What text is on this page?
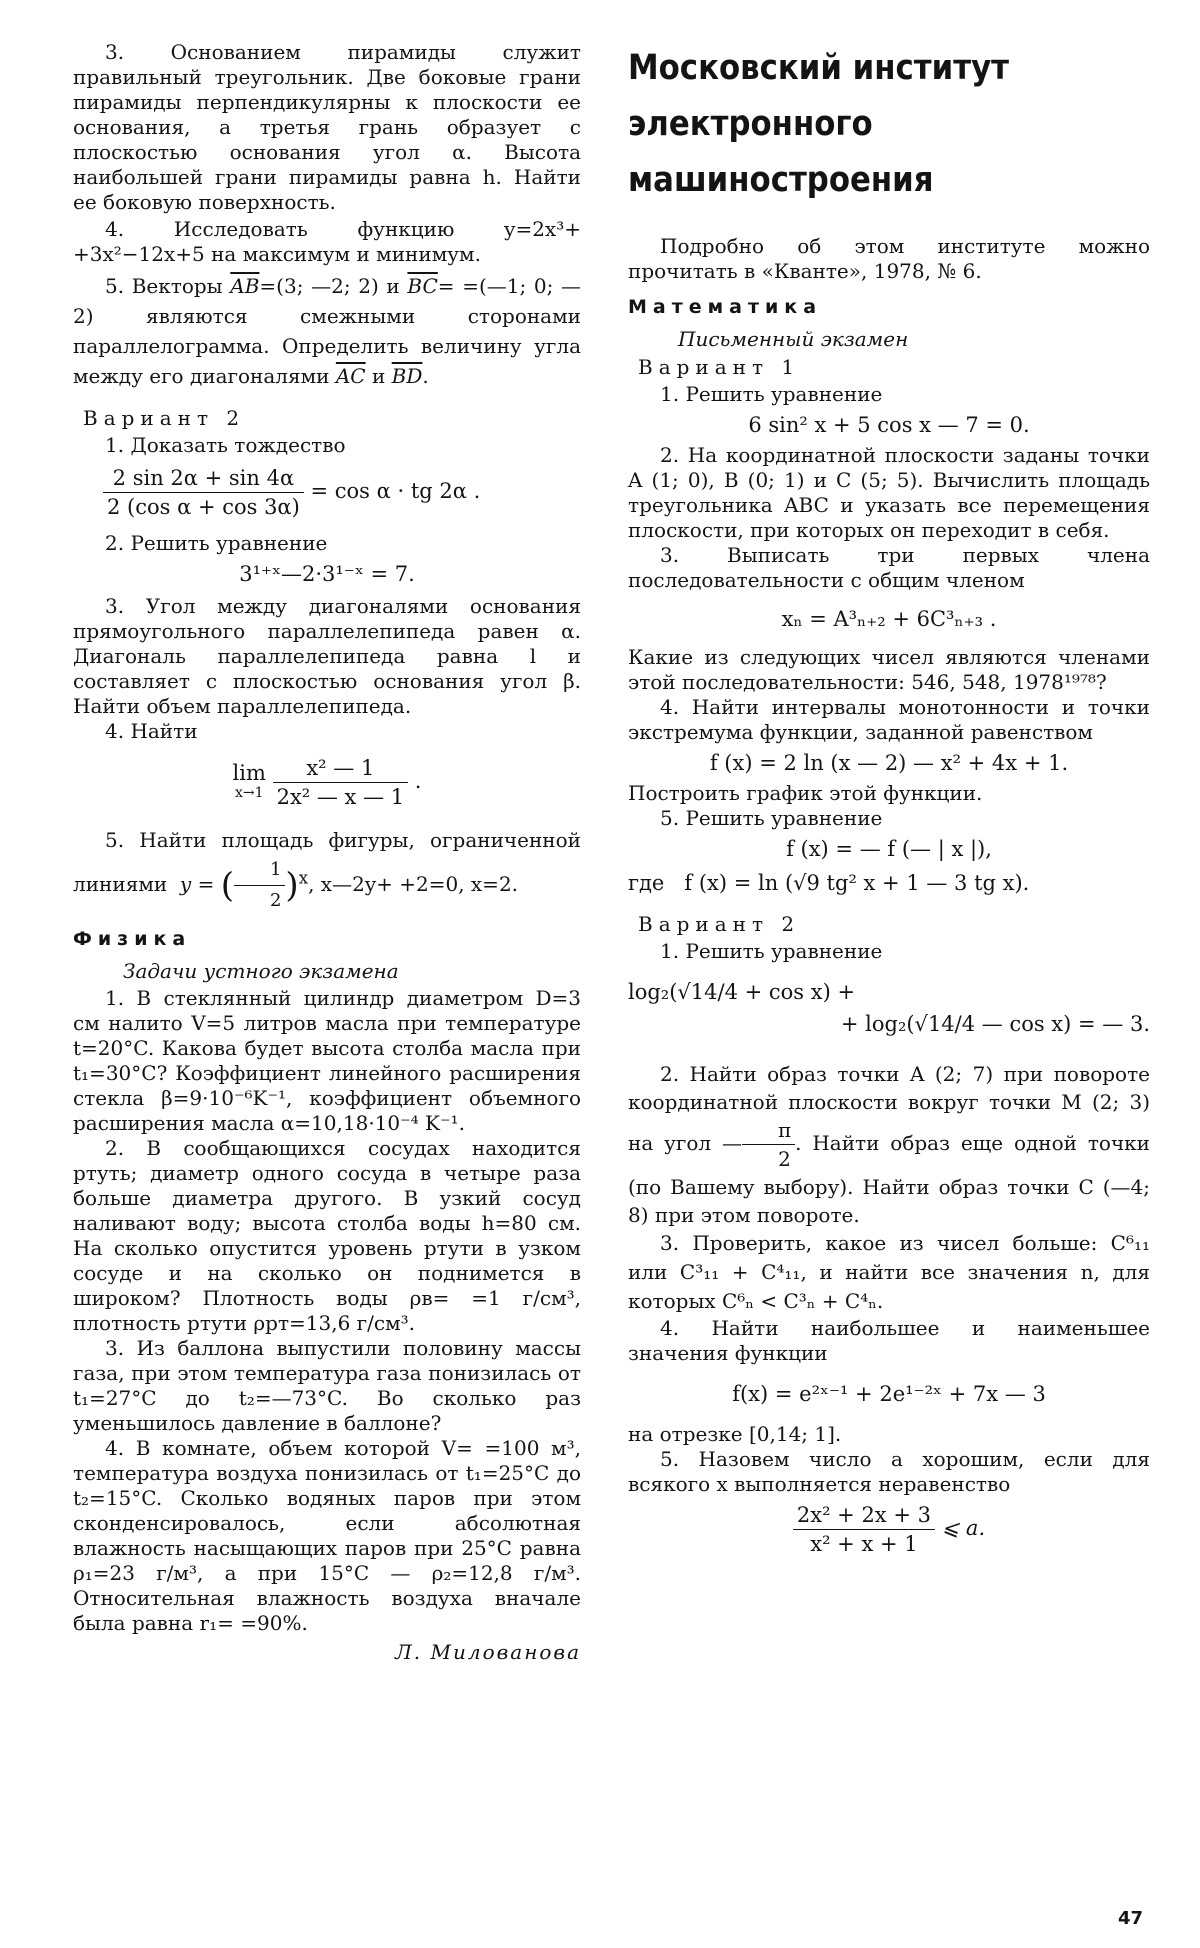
3. Основанием пирамиды служит правильный треугольник. Две боковые грани пирамиды перпендикулярны к плоскости ее основания, а третья грань образует с плоскостью основания угол α. Высота наибольшей грани пирамиды равна h. Найти ее боковую поверхность.

4. Исследовать функцию y=2x³+ +3x²−12x+5 на максимум и минимум.

5. Векторы $\overline{AB}=(3$; —2; 2) и $\overline{BC}=$ =(—1; 0; —2) являются смежными сторонами параллелограмма. Определить величину угла между его диагоналями $\overline{AC}$ и $\overline{BD}$.

Вариант 2

1. Доказать тождество

$\frac{2 \sin 2\alpha + \sin 4\alpha}{\text{2 (cos α + cos 3α)}} = \cos \alpha$ · tg 2α .

2. Решить уравнение

3¹⁺ˣ—2·3¹⁻ˣ = 7.

3. Угол между диагоналями основания прямоугольного параллелепипеда равен α. Диагональ параллелепипеда равна l и составляет с плоскостью основания угол β. Найти объем параллелепипеда.

4. Найти

lim
x→1
$\frac{\text{x² — 1}}{\text{2x² — x — 1}}$ .

5. Найти площадь фигуры, ограниченной линиями y = ( $\frac{1}{2} )^x$, x—2y+ +2=0, x=2.

Физика
Задачи устного экзамена

1. В стеклянный цилиндр диаметром D=3 см налито V=5 литров масла при температуре t=20°C. Какова будет высота столба масла при t₁=30°C? Коэффициент линейного расширения стекла β=9·10⁻⁶K⁻¹, коэффициент объемного расширения масла α=10,18·10⁻⁴ K⁻¹.

2. В сообщающихся сосудах находится ртуть; диаметр одного сосуда в четыре раза больше диаметра другого. В узкий сосуд наливают воду; высота столба воды h=80 см. На сколько опустится уровень ртути в узком сосуде и на сколько он поднимется в широком? Плотность воды ρв= =1 г/см³, плотность ртути ρрт=13,6 г/см³.

3. Из баллона выпустили половину массы газа, при этом температура газа понизилась от t₁=27°C до t₂=—73°C. Во сколько раз уменьшилось давление в баллоне?

4. В комнате, объем которой V= =100 м³, температура воздуха понизилась от t₁=25°C до t₂=15°C. Сколько водяных паров при этом сконденсировалось, если абсолютная влажность насыщающих паров при 25°C равна ρ₁=23 г/м³, а при 15°C — ρ₂=12,8 г/м³. Относительная влажность воздуха вначале была равна r₁= =90%.

Л. Милованова
Московский институт электронного машиностроения

Подробно об этом институте можно прочитать в «Кванте», 1978, № 6.

Математика
Письменный экзамен
Вариант 1

1. Решить уравнение

6 sin² x + 5 cos x — 7 = 0.

2. На координатной плоскости заданы точки A (1; 0), B (0; 1) и C (5; 5). Вычислить площадь треугольника ABC и указать все перемещения плоскости, при которых он переходит в себя.

3. Выписать три первых члена последовательности с общим членом

xₙ = A³ₙ₊₂ + 6C³ₙ₊₃ .

Какие из следующих чисел являются членами этой последовательности: 546, 548, 1978¹⁹⁷⁸?

4. Найти интервалы монотонности и точки экстремума функции, заданной равенством

f (x) = 2 ln (x — 2) — x² + 4x + 1.

Построить график этой функции.

5. Решить уравнение

f (x) = — f (— | x |),
где f (x) = ln (√9 tg² x + 1 — 3 tg x).
Вариант 2

1. Решить уравнение

log₂(√14/4 + cos x) +
+ log₂(√14/4 — cos x) = — 3.

2. Найти образ точки A (2; 7) при повороте координатной плоскости вокруг точки M (2; 3) на угол — $\frac{\pi}{2}$ . Найти образ еще одной точки (по Вашему выбору). Найти образ точки C (—4; 8) при этом повороте.

3. Проверить, какое из чисел больше: C⁶₁₁ или C³₁₁ + C⁴₁₁, и найти все значения n, для которых C⁶ₙ < C³ₙ + C⁴ₙ.

4. Найти наибольшее и наименьшее значения функции

f(x) = e²ˣ⁻¹ + 2e¹⁻²ˣ + 7x — 3

на отрезке [0,14; 1].

5. Назовем число a хорошим, если для всякого x выполняется неравенство

$\frac{\text{2x² + 2x + 3}}{\text{x² + x + 1}}$ ⩽ a.
47
